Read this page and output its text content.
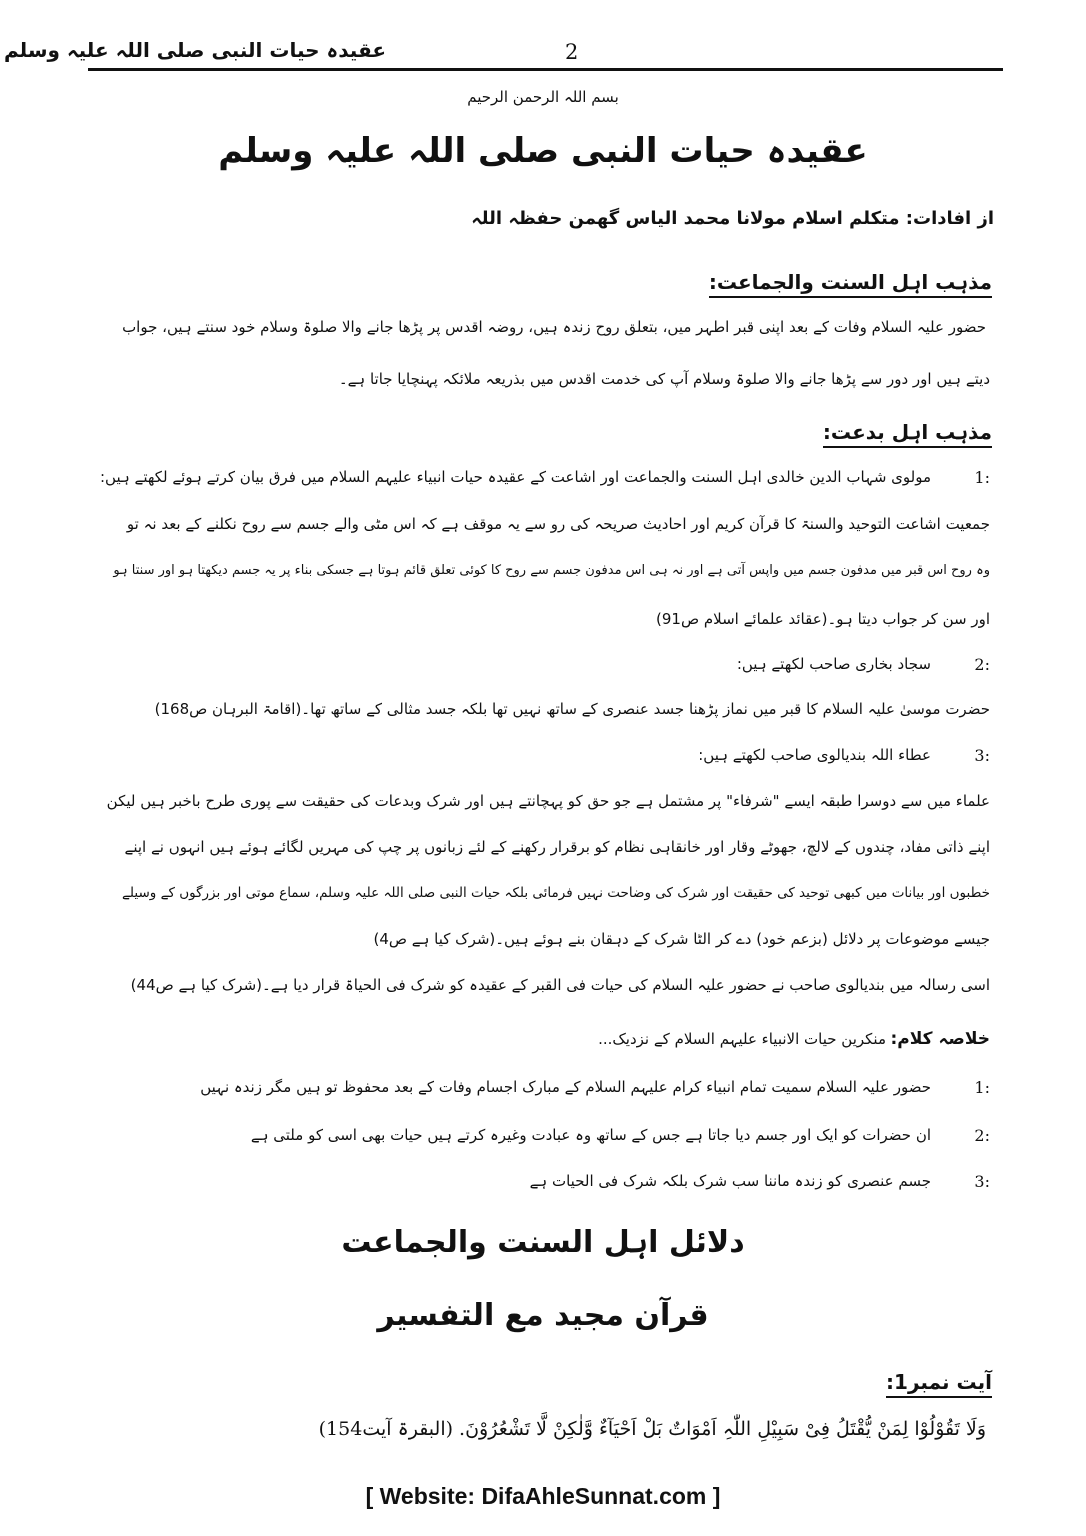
عقیدہ حیات النبی صلی اللہ علیہ وسلم	2
بسم اللہ الرحمن الرحیم
عقیدہ حیات النبی صلی اللہ علیہ وسلم
از افادات: متکلم اسلام مولانا محمد الیاس گھمن حفظہ اللہ
مذہب اہل السنت والجماعت:
حضور علیہ السلام وفات کے بعد اپنی قبر اطہر میں، بتعلق روح زندہ ہیں، روضہ اقدس پر پڑھا جانے والا صلوۃ وسلام خود سنتے ہیں، جواب
دیتے ہیں اور دور سے پڑھا جانے والا صلوۃ وسلام آپ کی خدمت اقدس میں بذریعہ ملائکہ پہنچایا جاتا ہے۔
مذہب اہل بدعت:
1:
مولوی شہاب الدین خالدی اہل السنت والجماعت اور اشاعت کے عقیدہ حیات انبیاء علیہم السلام میں فرق بیان کرتے ہوئے لکھتے ہیں:
جمعیت اشاعت التوحید والسنۃ کا قرآن کریم اور احادیث صریحہ کی رو سے یہ موقف ہے کہ اس مٹی والے جسم سے روح نکلنے کے بعد نہ تو
وہ روح اس قبر میں مدفون جسم میں واپس آتی ہے اور نہ ہی اس مدفون جسم سے روح کا کوئی تعلق قائم ہوتا ہے جسکی بناء پر یہ جسم دیکھتا ہو اور سنتا ہو
اور سن کر جواب دیتا ہو۔(عقائد علمائے اسلام ص91)
2:
سجاد بخاری صاحب لکھتے ہیں:
حضرت موسیٰ علیہ السلام کا قبر میں نماز پڑھنا جسد عنصری کے ساتھ نہیں تھا بلکہ جسد مثالی کے ساتھ تھا۔(اقامۃ البرہان ص168)
3:
عطاء اللہ بندیالوی صاحب لکھتے ہیں:
علماء میں سے دوسرا طبقہ ایسے "شرفاء" پر مشتمل ہے جو حق کو پہچانتے ہیں اور شرک وبدعات کی حقیقت سے پوری طرح باخبر ہیں لیکن
اپنے ذاتی مفاد، چندوں کے لالچ، جھوٹے وقار اور خانقاہی نظام کو برقرار رکھنے کے لئے زبانوں پر چپ کی مہریں لگائے ہوئے ہیں انہوں نے اپنے
خطبوں اور بیانات میں کبھی توحید کی حقیقت اور شرک کی وضاحت نہیں فرمائی بلکہ حیات النبی صلی اللہ علیہ وسلم، سماع موتی اور بزرگوں کے وسیلے
جیسے موضوعات پر دلائل (بزعم خود) دے کر الٹا شرک کے دہقان بنے ہوئے ہیں۔(شرک کیا ہے ص4)
اسی رسالہ میں بندیالوی صاحب نے حضور علیہ السلام کی حیات فی القبر کے عقیدہ کو شرک فی الحیاۃ قرار دیا ہے۔(شرک کیا ہے ص44)
خلاصہ کلام:
منکرین حیات الانبیاء علیہم السلام کے نزدیک...
1:
حضور علیہ السلام سمیت تمام انبیاء کرام علیہم السلام کے مبارک اجسام وفات کے بعد محفوظ تو ہیں مگر زندہ نہیں
2:
ان حضرات کو ایک اور جسم دیا جاتا ہے جس کے ساتھ وہ عبادت وغیرہ کرتے ہیں حیات بھی اسی کو ملتی ہے
3:
جسم عنصری کو زندہ ماننا سب شرک بلکہ شرک فی الحیات ہے
دلائل اہل السنت والجماعت
قرآن مجید مع التفسیر
آیت نمبر1:
وَلَا تَقُوْلُوْا لِمَنْ یُّقْتَلُ فِیْ سَبِیْلِ اللّٰہِ اَمْوَاتٌ بَلْ اَحْیَآءٌ وَّلٰکِنْ لَّا تَشْعُرُوْنَ. (البقرۃ آیت154)
[ Website: DifaAhleSunnat.com ]
